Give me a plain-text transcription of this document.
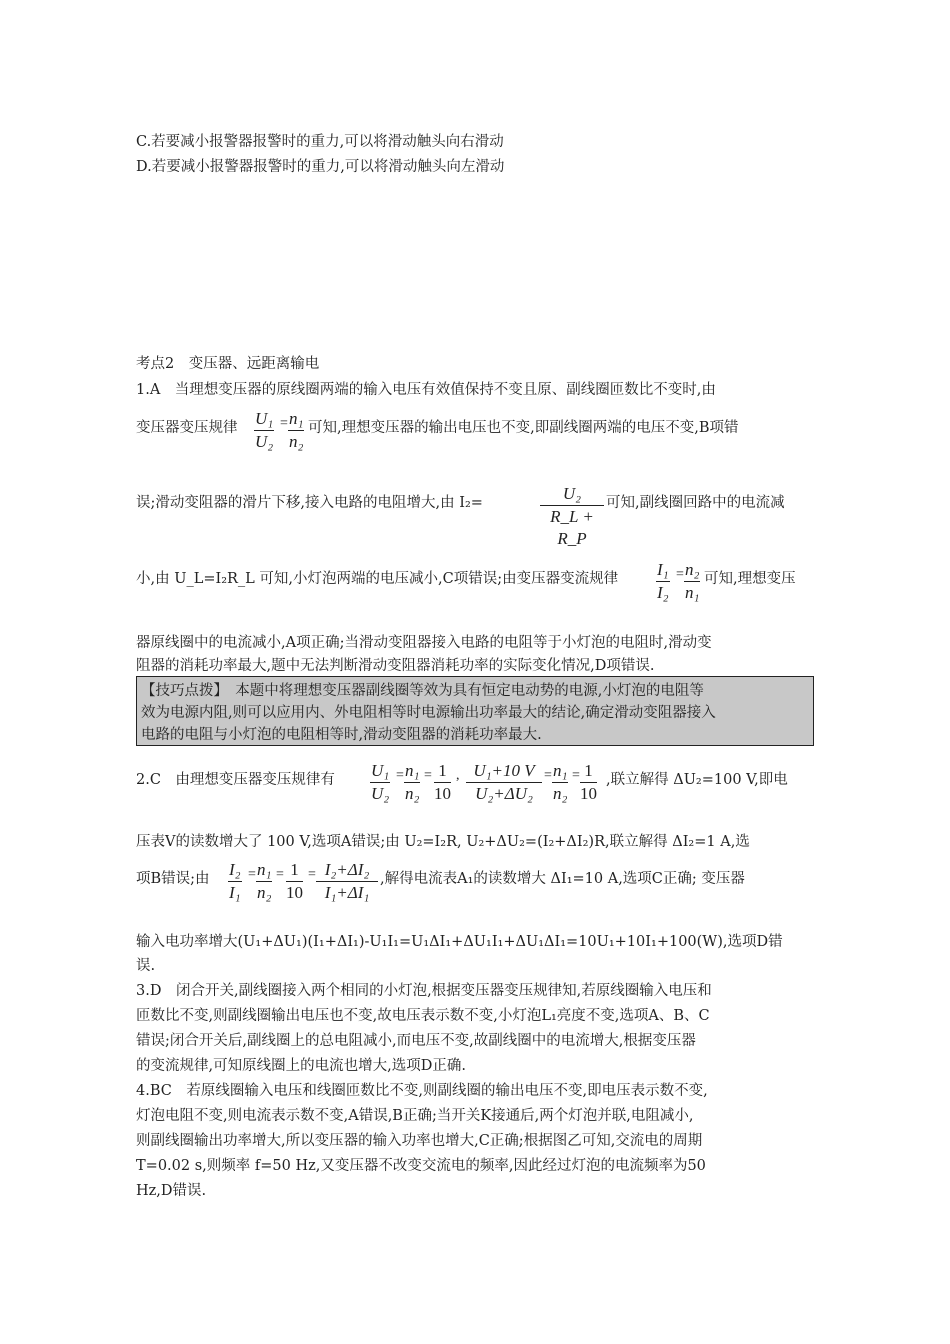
C.若要减小报警器报警时的重力,可以将滑动触头向右滑动
D.若要减小报警器报警时的重力,可以将滑动触头向左滑动
考点2　变压器、远距离输电
1.A　当理想变压器的原线圈两端的输入电压有效值保持不变且原、副线圈匝数比不变时,由
变压器变压规律 $\frac{\text{U₁}}{\text{U₂}} = \frac{\text{n₁}}{\text{n₂}}$ 可知,理想变压器的输出电压也不变,即副线圈两端的电压不变,B项错
误;滑动变阻器的滑片下移,接入电路的电阻增大,由 I₂=	$\frac{\text{U₂}}{R\_L + R\_P}$ 可知,副线圈回路中的电流减
小,由 U_L=I₂R_L 可知,小灯泡两端的电压减小,C项错误;由变压器变流规律 $\frac{\text{I₁}}{\text{I₂}} = \frac{\text{n₂}}{\text{n₁}}$ 可知,理想变压
器原线圈中的电流减小,A项正确;当滑动变阻器接入电路的电阻等于小灯泡的电阻时,滑动变
阻器的消耗功率最大,题中无法判断滑动变阻器消耗功率的实际变化情况,D项错误.
【技巧点拨】　本题中将理想变压器副线圈等效为具有恒定电动势的电源,小灯泡的电阻等
效为电源内阻,则可以应用内、外电阻相等时电源输出功率最大的结论,确定滑动变阻器接入
电路的电阻与小灯泡的电阻相等时,滑动变阻器的消耗功率最大.
2.C　由理想变压器变压规律有 $\frac{\text{U₁}}{\text{U₂}} = \frac{\text{n₁}}{\text{n₂}} = \frac{1}{10}$ , $\frac{\text{U₁+10 V}}{\text{U₂+ΔU₂}} = \frac{\text{n₁}}{\text{n₂}} = \frac{1}{10}$ ,联立解得 ΔU₂=100 V,即电
压表V的读数增大了 100 V,选项A错误;由 U₂=I₂R, U₂+ΔU₂=(I₂+ΔI₂)R,联立解得 ΔI₂=1 A,选
项B错误;由 $\frac{\text{I₂}}{\text{I₁}} = \frac{\text{n₁}}{\text{n₂}} = \frac{1}{10} = \frac{\text{I₂+ΔI₂}}{\text{I₁+ΔI₁}}$ ,解得电流表A₁的读数增大 ΔI₁=10 A,选项C正确; 变压器
输入电功率增大(U₁+ΔU₁)(I₁+ΔI₁)-U₁I₁=U₁ΔI₁+ΔU₁I₁+ΔU₁ΔI₁=10U₁+10I₁+100(W),选项D错
误.
3.D　闭合开关,副线圈接入两个相同的小灯泡,根据变压器变压规律知,若原线圈输入电压和
匝数比不变,则副线圈输出电压也不变,故电压表示数不变,小灯泡L₁亮度不变,选项A、B、C
错误;闭合开关后,副线圈上的总电阻减小,而电压不变,故副线圈中的电流增大,根据变压器
的变流规律,可知原线圈上的电流也增大,选项D正确.
4.BC　若原线圈输入电压和线圈匝数比不变,则副线圈的输出电压不变,即电压表示数不变,
灯泡电阻不变,则电流表示数不变,A错误,B正确;当开关K接通后,两个灯泡并联,电阻减小,
则副线圈输出功率增大,所以变压器的输入功率也增大,C正确;根据图乙可知,交流电的周期
T=0.02 s,则频率 f=50 Hz,又变压器不改变交流电的频率,因此经过灯泡的电流频率为50
Hz,D错误.
